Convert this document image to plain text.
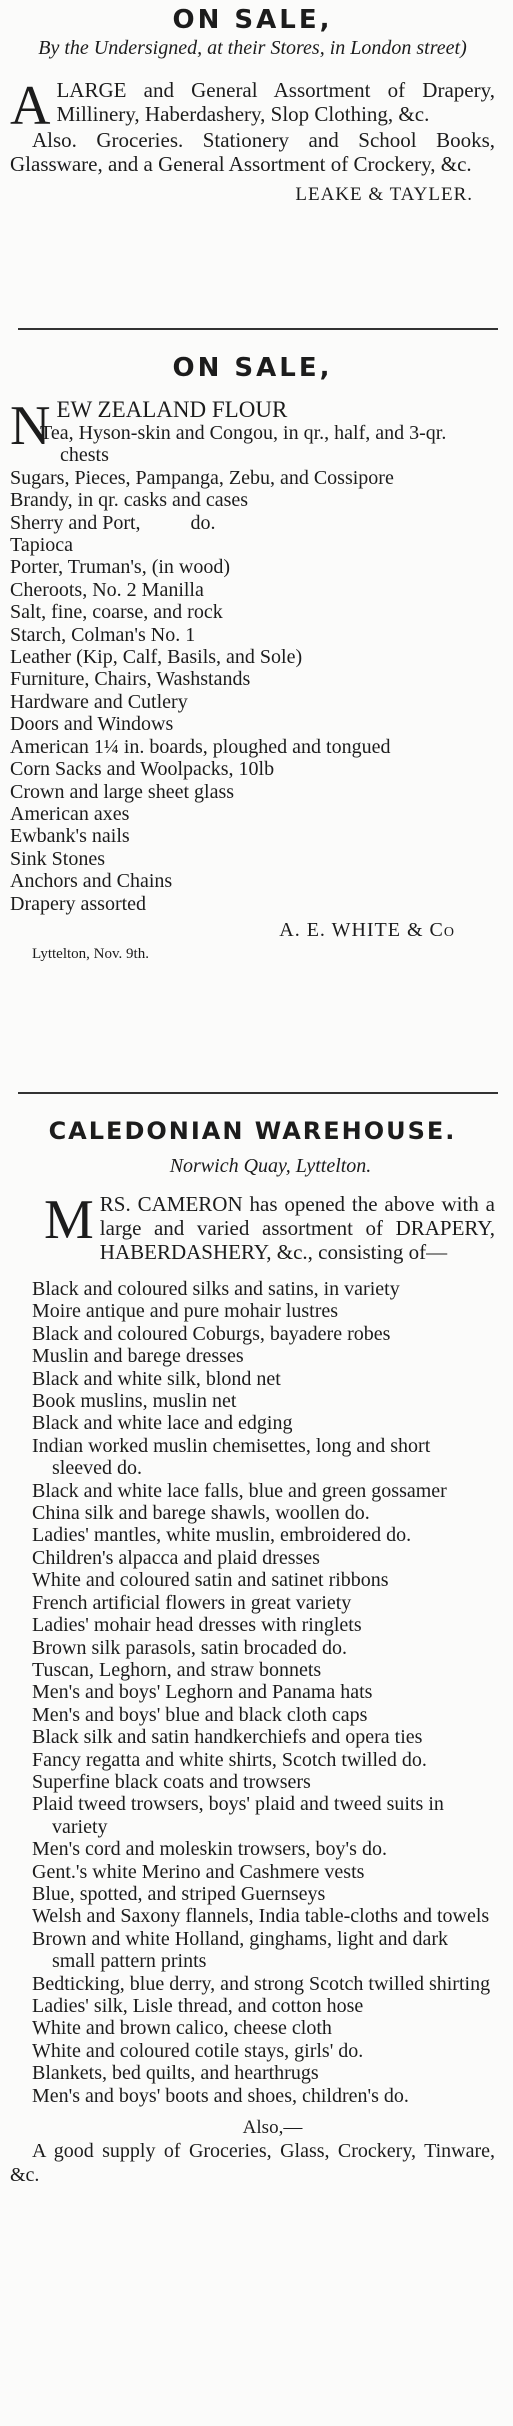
ON SALE,

By the Undersigned, at their Stores, in London street)

A LARGE and General Assortment of Drapery, Millinery, Haberdashery, Slop Clothing, &c.

Also. Groceries. Stationery and School Books, Glassware, and a General Assortment of Crockery, &c.

LEAKE & TAYLER.

ON SALE,
N EW ZEALAND FLOUR

Tea, Hyson-skin and Congou, in qr., half, and 3-qr. chests
Sugars, Pieces, Pampanga, Zebu, and Cossipore
Brandy, in qr. casks and cases
Sherry and Port,          do.
Tapioca
Porter, Truman's, (in wood)
Cheroots, No. 2 Manilla
Salt, fine, coarse, and rock
Starch, Colman's No. 1
Leather (Kip, Calf, Basils, and Sole)
Furniture, Chairs, Washstands
Hardware and Cutlery
Doors and Windows
American 1¼ in. boards, ploughed and tongued
Corn Sacks and Woolpacks, 10lb
Crown and large sheet glass
American axes
Ewbank's nails
Sink Stones
Anchors and Chains
Drapery assorted

A. E. WHITE & Co

Lyttelton, Nov. 9th.

CALEDONIAN WAREHOUSE.

Norwich Quay, Lyttelton.

M RS. CAMERON has opened the above with a large and varied assortment of DRAPERY, HABERDASHERY, &c., consisting of—

Black and coloured silks and satins, in variety
Moire antique and pure mohair lustres
Black and coloured Coburgs, bayadere robes
Muslin and barege dresses
Black and white silk, blond net
Book muslins, muslin net
Black and white lace and edging
Indian worked muslin chemisettes, long and short sleeved do.
Black and white lace falls, blue and green gossamer
China silk and barege shawls, woollen do.
Ladies' mantles, white muslin, embroidered do.
Children's alpacca and plaid dresses
White and coloured satin and satinet ribbons
French artificial flowers in great variety
Ladies' mohair head dresses with ringlets
Brown silk parasols, satin brocaded do.
Tuscan, Leghorn, and straw bonnets
Men's and boys' Leghorn and Panama hats
Men's and boys' blue and black cloth caps
Black silk and satin handkerchiefs and opera ties
Fancy regatta and white shirts, Scotch twilled do.
Superfine black coats and trowsers
Plaid tweed trowsers, boys' plaid and tweed suits in variety
Men's cord and moleskin trowsers, boy's do.
Gent.'s white Merino and Cashmere vests
Blue, spotted, and striped Guernseys
Welsh and Saxony flannels, India table-cloths and towels
Brown and white Holland, ginghams, light and dark small pattern prints
Bedticking, blue derry, and strong Scotch twilled shirting
Ladies' silk, Lisle thread, and cotton hose
White and brown calico, cheese cloth
White and coloured cotile stays, girls' do.
Blankets, bed quilts, and hearthrugs
Men's and boys' boots and shoes, children's do.

Also,—

A good supply of Groceries, Glass, Crockery, Tinware, &c.
